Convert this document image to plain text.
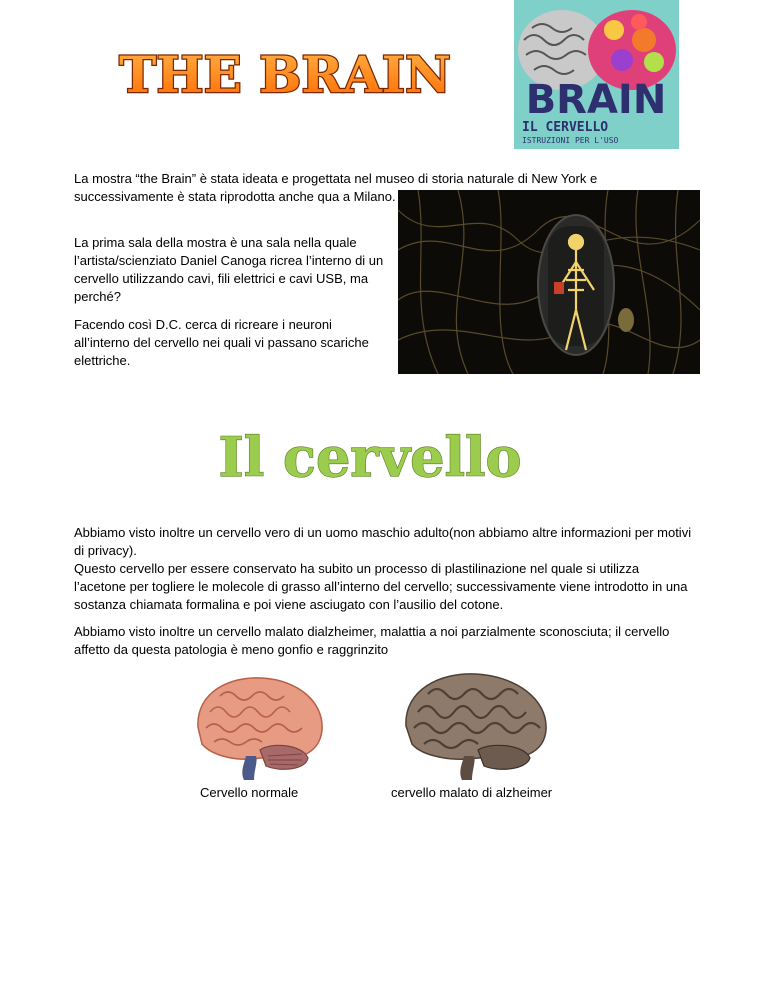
THE BRAIN BRAIN
IL CERVELLO
ISTRUZIONI PER L'USO
La mostra “the Brain” è stata ideata e progettata nel museo di storia naturale di New York e successivamente è stata riprodotta anche qua a Milano.
La prima sala della mostra è una sala nella quale l’artista/scienziato Daniel Canoga ricrea l’interno di un cervello utilizzando cavi, fili elettrici e cavi USB, ma perché?
Facendo così D.C. cerca di ricreare i neuroni all’interno del cervello nei quali vi passano scariche elettriche.
Il cervello
Abbiamo visto inoltre un cervello vero di un uomo maschio adulto(non abbiamo altre informazioni per motivi di privacy).
Questo cervello per essere conservato ha subito un processo di plastilinazione nel quale si utilizza l’acetone per togliere le molecole di grasso all’interno del cervello; successivamente viene introdotto in una sostanza chiamata formalina e poi viene asciugato con l’ausilio del cotone.
Abbiamo visto inoltre un cervello malato dialzheimer, malattia a noi parzialmente sconosciuta; il cervello affetto da questa patologia è meno gonfio e raggrinzito
Cervello normale	cervello malato di alzheimer
